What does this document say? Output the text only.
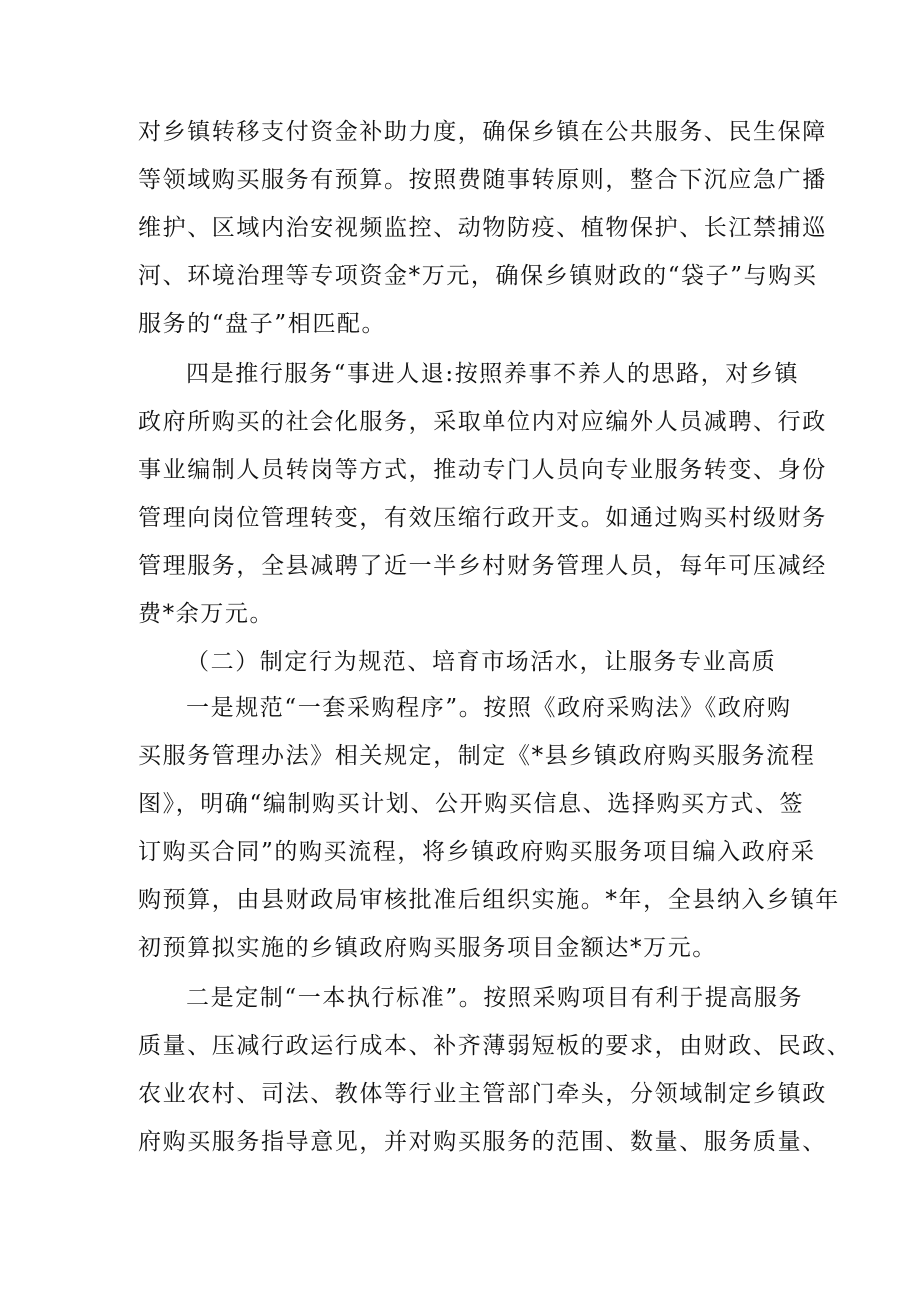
对乡镇转移支付资金补助力度，确保乡镇在公共服务、民生保障
等领域购买服务有预算。按照费随事转原则，整合下沉应急广播
维护、区域内治安视频监控、动物防疫、植物保护、长江禁捕巡
河、环境治理等专项资金*万元，确保乡镇财政的“袋子”与购买
服务的“盘子”相匹配。
四是推行服务“事进人退:按照养事不养人的思路，对乡镇
政府所购买的社会化服务，采取单位内对应编外人员减聘、行政
事业编制人员转岗等方式，推动专门人员向专业服务转变、身份
管理向岗位管理转变，有效压缩行政开支。如通过购买村级财务
管理服务，全县减聘了近一半乡村财务管理人员，每年可压减经
费*余万元。
（二）制定行为规范、培育市场活水，让服务专业高质
一是规范“一套采购程序”。按照《政府采购法》《政府购
买服务管理办法》相关规定，制定《*县乡镇政府购买服务流程
图》，明确“编制购买计划、公开购买信息、选择购买方式、签
订购买合同”的购买流程，将乡镇政府购买服务项目编入政府采
购预算，由县财政局审核批准后组织实施。*年，全县纳入乡镇年
初预算拟实施的乡镇政府购买服务项目金额达*万元。
二是定制“一本执行标准”。按照采购项目有利于提高服务
质量、压减行政运行成本、补齐薄弱短板的要求，由财政、民政、
农业农村、司法、教体等行业主管部门牵头，分领域制定乡镇政
府购买服务指导意见，并对购买服务的范围、数量、服务质量、
